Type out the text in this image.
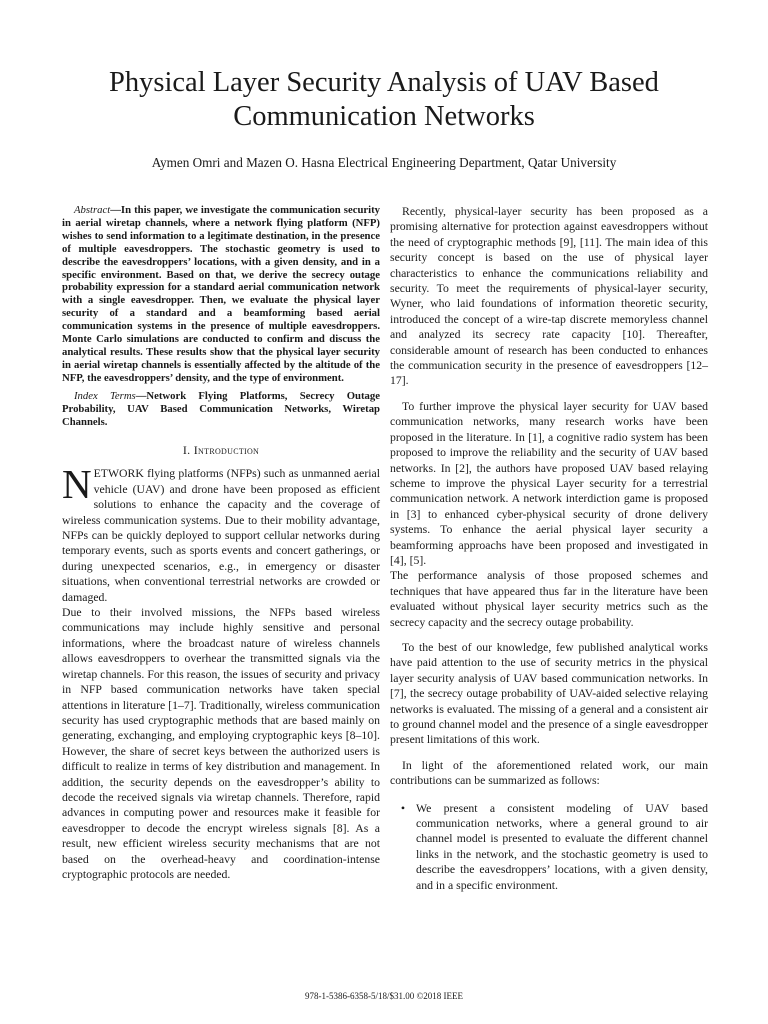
Physical Layer Security Analysis of UAV Based Communication Networks

Aymen Omri and Mazen O. Hasna Electrical Engineering Department, Qatar University

Abstract—In this paper, we investigate the communication security in aerial wiretap channels, where a network flying platform (NFP) wishes to send information to a legitimate destination, in the presence of multiple eavesdroppers. The stochastic geometry is used to describe the eavesdroppers’ locations, with a given density, and in a specific environment. Based on that, we derive the secrecy outage probability expression for a standard aerial communication network with a single eavesdropper. Then, we evaluate the physical layer security of a standard and a beamforming based aerial communication systems in the presence of multiple eavesdroppers. Monte Carlo simulations are conducted to confirm and discuss the analytical results. These results show that the physical layer security in aerial wiretap channels is essentially affected by the altitude of the NFP, the eavesdroppers’ density, and the type of environment.

Index Terms—Network Flying Platforms, Secrecy Outage Probability, UAV Based Communication Networks, Wiretap Channels.

I. Introduction

NETWORK flying platforms (NFPs) such as unmanned aerial vehicle (UAV) and drone have been proposed as efficient solutions to enhance the capacity and the coverage of wireless communication systems. Due to their mobility advantage, NFPs can be quickly deployed to support cellular networks during temporary events, such as sports events and concert gatherings, or during unexpected scenarios, e.g., in emergency or disaster situations, when conventional terrestrial networks are crowded or damaged.

Due to their involved missions, the NFPs based wireless communications may include highly sensitive and personal informations, where the broadcast nature of wireless channels allows eavesdroppers to overhear the transmitted signals via the wiretap channels. For this reason, the issues of security and privacy in NFP based communication networks have taken special attentions in literature [1–7]. Traditionally, wireless communication security has used cryptographic methods that are based mainly on generating, exchanging, and employing cryptographic keys [8–10]. However, the share of secret keys between the authorized users is difficult to realize in terms of key distribution and management. In addition, the security depends on the eavesdropper’s ability to decode the received signals via wiretap channels. Therefore, rapid advances in computing power and resources make it feasible for eavesdropper to decode the encrypt wireless signals [8]. As a result, new efficient wireless security mechanisms that are not based on the overhead-heavy and coordination-intense cryptographic protocols are needed.

Recently, physical-layer security has been proposed as a promising alternative for protection against eavesdroppers without the need of cryptographic methods [9], [11]. The main idea of this security concept is based on the use of physical layer characteristics to enhance the communications reliability and security. To meet the requirements of physical-layer security, Wyner, who laid foundations of information theoretic security, introduced the concept of a wire-tap discrete memoryless channel and analyzed its secrecy rate capacity [10]. Thereafter, considerable amount of research has been conducted to enhances the communication security in the presence of eavesdroppers [12–17].

To further improve the physical layer security for UAV based communication networks, many research works have been proposed in the literature. In [1], a cognitive radio system has been proposed to improve the reliability and the security of UAV based networks. In [2], the authors have proposed UAV based relaying scheme to improve the physical Layer security for a terrestrial communication network. A network interdiction game is proposed in [3] to enhanced cyber-physical security of drone delivery systems. To enhance the aerial physical layer security a beamforming approachs have been proposed and investigated in [4], [5].

The performance analysis of those proposed schemes and techniques that have appeared thus far in the literature have been evaluated without physical layer security metrics such as the secrecy capacity and the secrecy outage probability.

To the best of our knowledge, few published analytical works have paid attention to the use of security metrics in the physical layer security analysis of UAV based communication networks. In [7], the secrecy outage probability of UAV-aided selective relaying networks is evaluated. The missing of a general and a consistent air to ground channel model and the presence of a single eavesdropper present limitations of this work.

In light of the aforementioned related work, our main contributions can be summarized as follows:

• We present a consistent modeling of UAV based communication networks, where a general ground to air channel model is presented to evaluate the different channel links in the network, and the stochastic geometry is used to describe the eavesdroppers’ locations, with a given density, and in a specific environment.
978-1-5386-6358-5/18/$31.00 ©2018 IEEE
